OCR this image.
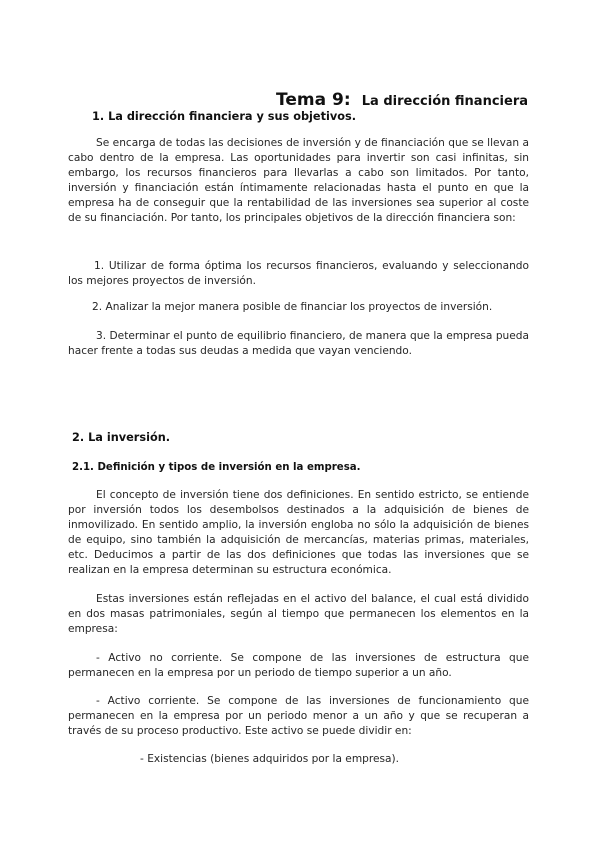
Tema 9: La dirección financiera
1. La dirección financiera y sus objetivos.

Se encarga de todas las decisiones de inversión y de financiación que se llevan a cabo dentro de la empresa. Las oportunidades para invertir son casi infinitas, sin embargo, los recursos financieros para llevarlas a cabo son limitados. Por tanto, inversión y financiación están íntimamente relacionadas hasta el punto en que la empresa ha de conseguir que la rentabilidad de las inversiones sea superior al coste de su financiación. Por tanto, los principales objetivos de la dirección financiera son:

1. Utilizar de forma óptima los recursos financieros, evaluando y seleccionando los mejores proyectos de inversión.

2. Analizar la mejor manera posible de financiar los proyectos de inversión.

3. Determinar el punto de equilibrio financiero, de manera que la empresa pueda hacer frente a todas sus deudas a medida que vayan venciendo.

2. La inversión.
2.1. Definición y tipos de inversión en la empresa.

El concepto de inversión tiene dos definiciones. En sentido estricto, se entiende por inversión todos los desembolsos destinados a la adquisición de bienes de inmovilizado. En sentido amplio, la inversión engloba no sólo la adquisición de bienes de equipo, sino también la adquisición de mercancías, materias primas, materiales, etc. Deducimos a partir de las dos definiciones que todas las inversiones que se realizan en la empresa determinan su estructura económica.

Estas inversiones están reflejadas en el activo del balance, el cual está dividido en dos masas patrimoniales, según al tiempo que permanecen los elementos en la empresa:

- Activo no corriente. Se compone de las inversiones de estructura que permanecen en la empresa por un periodo de tiempo superior a un año.

- Activo corriente. Se compone de las inversiones de funcionamiento que permanecen en la empresa por un periodo menor a un año y que se recuperan a través de su proceso productivo. Este activo se puede dividir en:

- Existencias (bienes adquiridos por la empresa).
